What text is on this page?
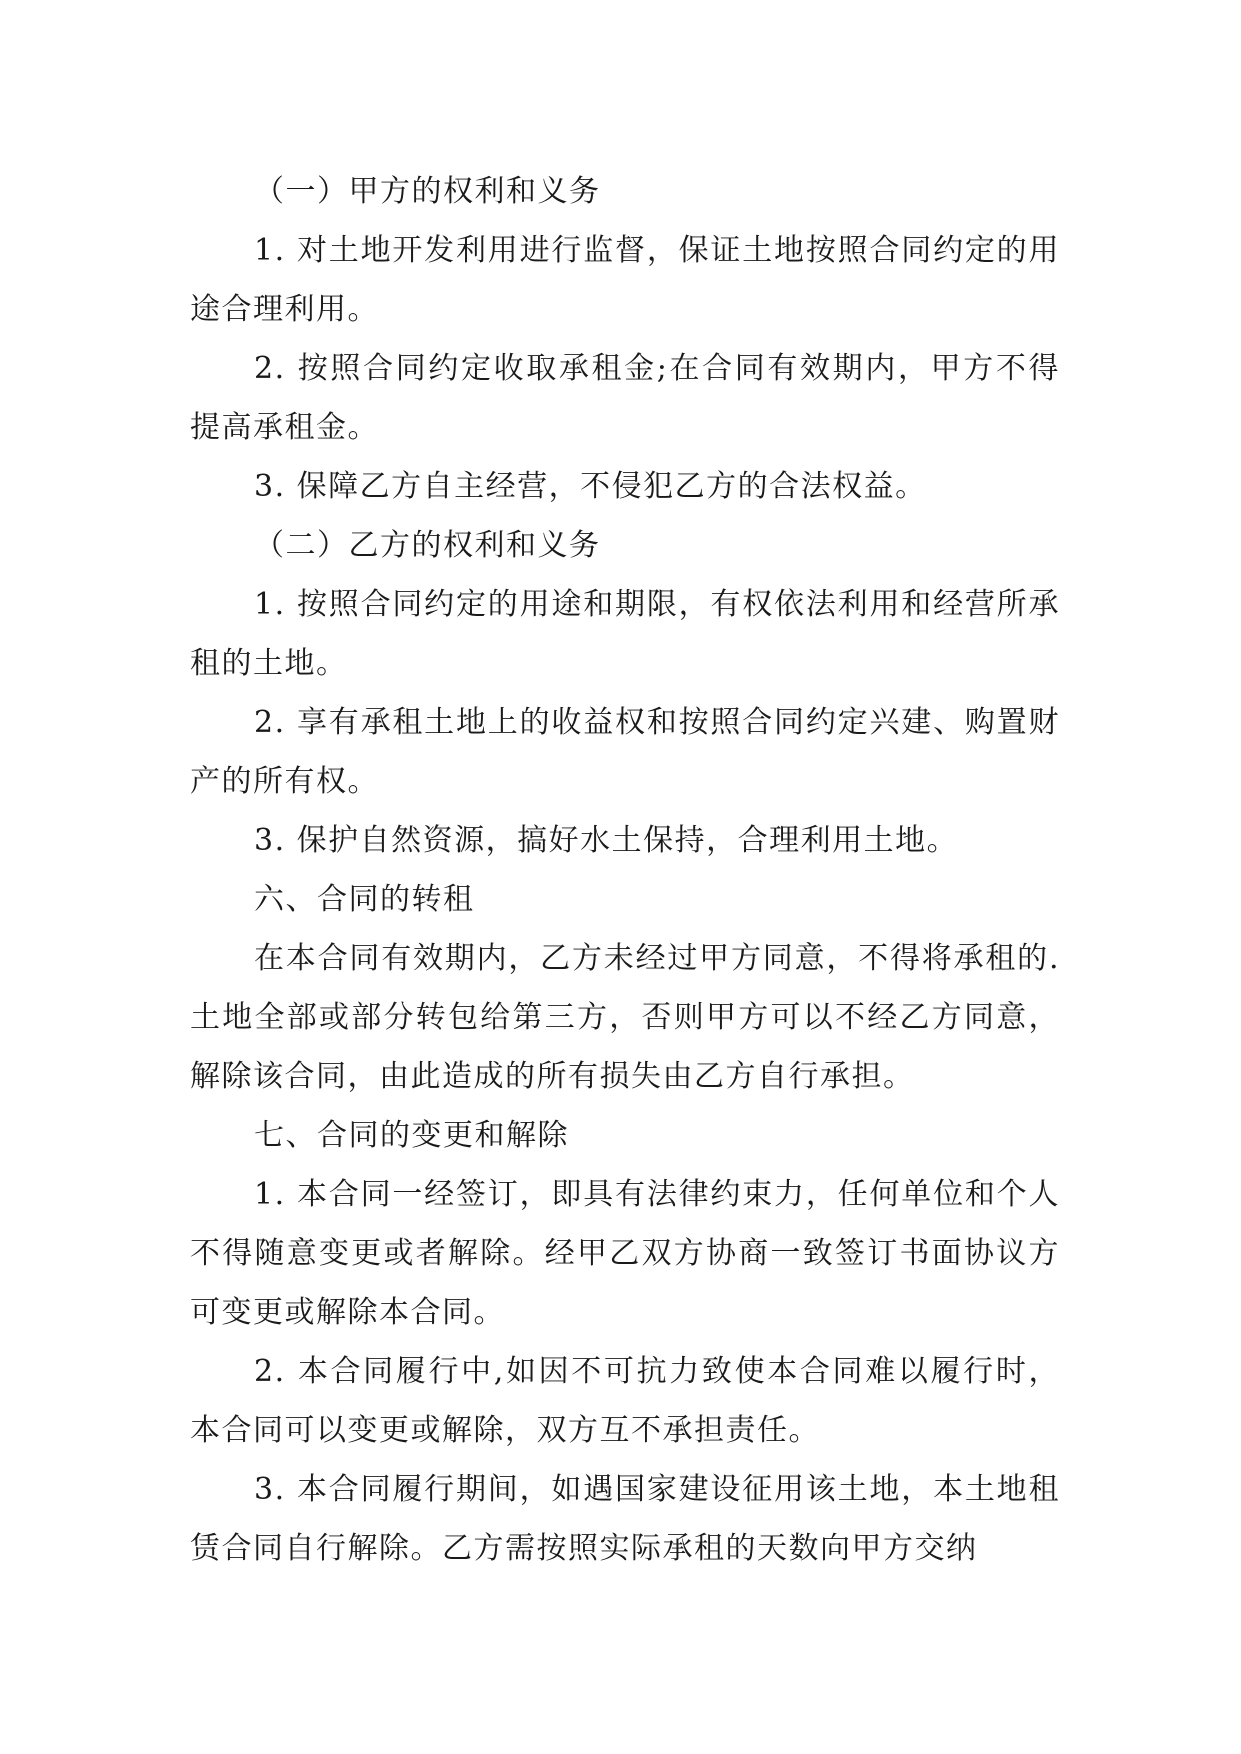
（一）甲方的权利和义务

1. 对土地开发利用进行监督，保证土地按照合同约定的用途合理利用。

2. 按照合同约定收取承租金;在合同有效期内，甲方不得提高承租金。

3. 保障乙方自主经营，不侵犯乙方的合法权益。

（二）乙方的权利和义务

1. 按照合同约定的用途和期限，有权依法利用和经营所承租的土地。

2. 享有承租土地上的收益权和按照合同约定兴建、购置财产的所有权。

3. 保护自然资源，搞好水土保持，合理利用土地。

六、合同的转租

在本合同有效期内，乙方未经过甲方同意，不得将承租的. 土地全部或部分转包给第三方，否则甲方可以不经乙方同意，解除该合同，由此造成的所有损失由乙方自行承担。

七、合同的变更和解除

1. 本合同一经签订，即具有法律约束力，任何单位和个人不得随意变更或者解除。经甲乙双方协商一致签订书面协议方可变更或解除本合同。

2. 本合同履行中,如因不可抗力致使本合同难以履行时，本合同可以变更或解除，双方互不承担责任。

3. 本合同履行期间，如遇国家建设征用该土地，本土地租赁合同自行解除。乙方需按照实际承租的天数向甲方交纳
